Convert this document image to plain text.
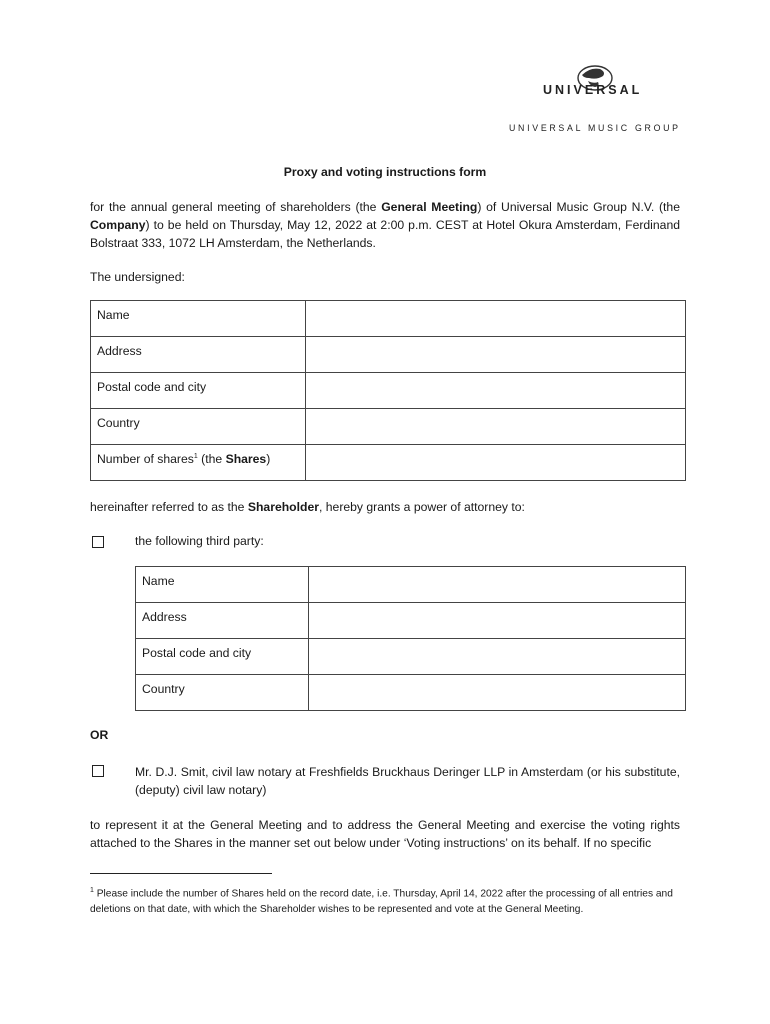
UNIVERSAL
UNIVERSAL MUSIC GROUP
Proxy and voting instructions form

for the annual general meeting of shareholders (the General Meeting) of Universal Music Group N.V. (the Company) to be held on Thursday, May 12, 2022 at 2:00 p.m. CEST at Hotel Okura Amsterdam, Ferdinand Bolstraat 333, 1072 LH Amsterdam, the Netherlands.

The undersigned:

Name	
Address	
Postal code and city	
Country	
Number of shares$^1$ (the Shares)	

hereinafter referred to as the Shareholder, hereby grants a power of attorney to:

the following third party:

Name	
Address	
Postal code and city	
Country	

OR

Mr. D.J. Smit, civil law notary at Freshfields Bruckhaus Deringer LLP in Amsterdam (or his substitute, (deputy) civil law notary)

to represent it at the General Meeting and to address the General Meeting and exercise the voting rights attached to the Shares in the manner set out below under ‘Voting instructions’ on its behalf. If no specific

$^1$ Please include the number of Shares held on the record date, i.e. Thursday, April 14, 2022 after the processing of all entries and deletions on that date, with which the Shareholder wishes to be represented and vote at the General Meeting.
